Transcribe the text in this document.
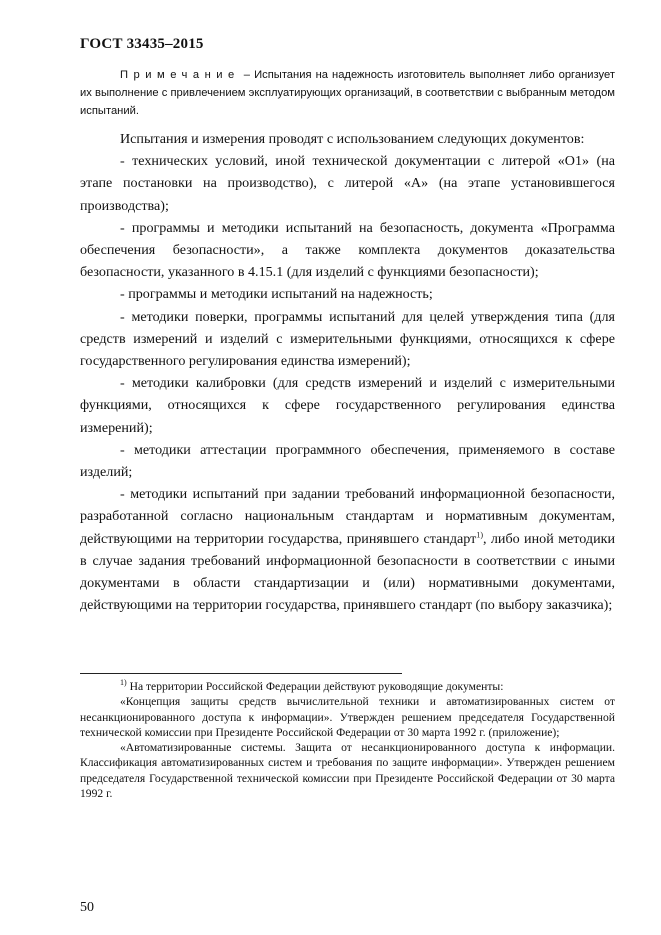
ГОСТ 33435–2015

Примечание – Испытания на надежность изготовитель выполняет либо организует их выполнение с привлечением эксплуатирующих организаций, в соответствии с выбранным методом испытаний.

Испытания и измерения проводят с использованием следующих документов:

- технических условий, иной технической документации с литерой «О1» (на этапе постановки на производство), с литерой «А» (на этапе установившегося производства);

- программы и методики испытаний на безопасность, документа «Программа обеспечения безопасности», а также комплекта документов доказательства безопасности, указанного в 4.15.1 (для изделий с функциями безопасности);

- программы и методики испытаний на надежность;

- методики поверки, программы испытаний для целей утверждения типа (для средств измерений и изделий с измерительными функциями, относящихся к сфере государственного регулирования единства измерений);

- методики калибровки (для средств измерений и изделий с измерительными функциями, относящихся к сфере государственного регулирования единства измерений);

- методики аттестации программного обеспечения, применяемого в составе изделий;

- методики испытаний при задании требований информационной безопасности, разработанной согласно национальным стандартам и нормативным документам, действующими на территории государства, принявшего стандарт$^{1)}$, либо иной методики в случае задания требований информационной безопасности в соответствии с иными документами в области стандартизации и (или) нормативными документами, действующими на территории государства, принявшего стандарт (по выбору заказчика);

$^{1)}$ На территории Российской Федерации действуют руководящие документы:

«Концепция защиты средств вычислительной техники и автоматизированных систем от несанкционированного доступа к информации». Утвержден решением председателя Государственной технической комиссии при Президенте Российской Федерации от 30 марта 1992 г. (приложение);

«Автоматизированные системы. Защита от несанкционированного доступа к информации. Классификация автоматизированных систем и требования по защите информации». Утвержден решением председателя Государственной технической комиссии при Президенте Российской Федерации от 30 марта 1992 г.

50
